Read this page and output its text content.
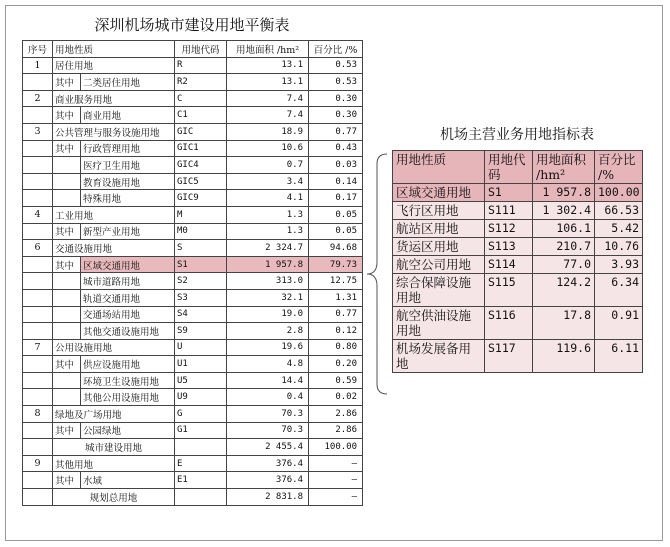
深圳机场城市建设用地平衡表
序号	用地性质		用地代码	用地面积 /hm²	百分比 /%
1	居住用地		R	13.1	0.53
	其中	二类居住用地	R2	13.1	0.53
2	商业服务用地		C	7.4	0.30
	其中	商业用地	C1	7.4	0.30
3	公共管理与服务设施用地		GIC	18.9	0.77
	其中	行政管理用地	GIC1	10.6	0.43
		医疗卫生用地	GIC4	0.7	0.03
		教育设施用地	GIC5	3.4	0.14
		特殊用地	GIC9	4.1	0.17
4	工业用地		M	1.3	0.05
	其中	新型产业用地	M0	1.3	0.05
6	交通设施用地		S	2 324.7	94.68
	其中	区域交通用地	S1	1 957.8	79.73
		城市道路用地	S2	313.0	12.75
		轨道交通用地	S3	32.1	1.31
		交通场站用地	S4	19.0	0.77
		其他交通设施用地	S9	2.8	0.12
7	公用设施用地		U	19.6	0.80
	其中	供应设施用地	U1	4.8	0.20
		环境卫生设施用地	U5	14.4	0.59
		其他公用设施用地	U9	0.4	0.02
8	绿地及广场用地		G	70.3	2.86
	其中	公园绿地	G1	70.3	2.86
	城市建设用地			2 455.4	100.00
9	其他用地		E	376.4	—
	其中	水域	E1	376.4	—
	规划总用地			2 831.8	—
机场主营业务用地指标表
用地性质	用地代码	用地面积 /hm²	百分比 /%
区域交通用地	S1	1 957.8	100.00
飞行区用地	S111	1 302.4	66.53
航站区用地	S112	106.1	5.42
货运区用地	S113	210.7	10.76
航空公司用地	S114	77.0	3.93
综合保障设施用地	S115	124.2	6.34
航空供油设施用地	S116	17.8	0.91
机场发展备用地	S117	119.6	6.11
